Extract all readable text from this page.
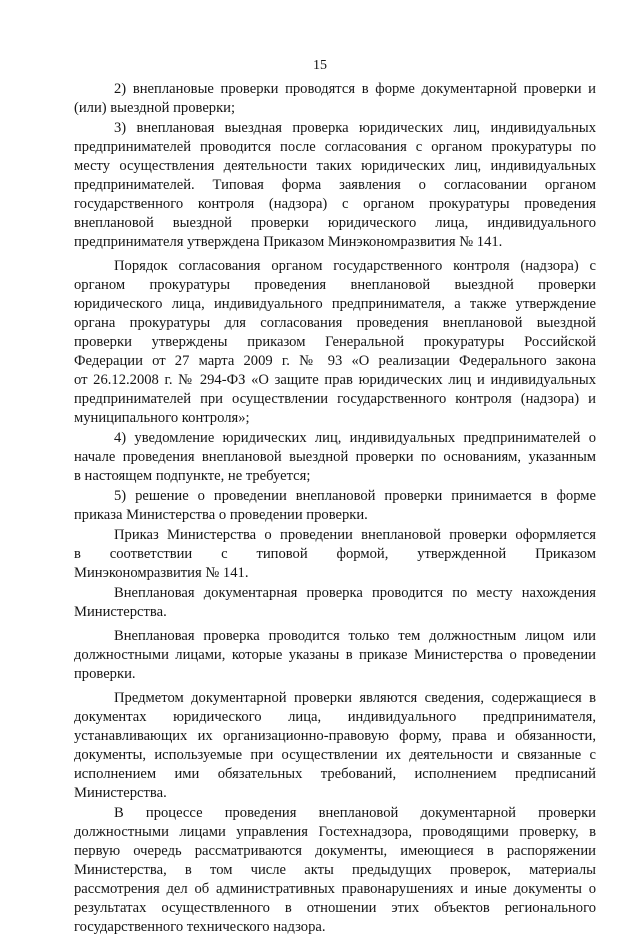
15
2) внеплановые проверки проводятся в форме документарной проверки и
(или) выездной проверки;
3) внеплановая выездная проверка юридических лиц, индивидуальных
предпринимателей проводится после согласования с органом прокуратуры по
месту осуществления деятельности таких юридических лиц, индивидуальных
предпринимателей. Типовая форма заявления о согласовании органом
государственного контроля (надзора) с органом прокуратуры проведения
внеплановой выездной проверки юридического лица, индивидуального
предпринимателя утверждена Приказом Минэкономразвития № 141.
Порядок согласования органом государственного контроля (надзора) с
органом прокуратуры проведения внеплановой выездной проверки
юридического лица, индивидуального предпринимателя, а также утверждение
органа прокуратуры для согласования проведения внеплановой выездной
проверки утверждены приказом Генеральной прокуратуры Российской
Федерации от 27 марта 2009 г. № 93 «О реализации Федерального закона
от 26.12.2008 г. № 294-ФЗ «О защите прав юридических лиц и индивидуальных
предпринимателей при осуществлении государственного контроля (надзора) и
муниципального контроля»;
4) уведомление юридических лиц, индивидуальных предпринимателей о
начале проведения внеплановой выездной проверки по основаниям, указанным
в настоящем подпункте, не требуется;
5) решение о проведении внеплановой проверки принимается в форме
приказа Министерства о проведении проверки.
Приказ Министерства о проведении внеплановой проверки оформляется
в соответствии с типовой формой, утвержденной Приказом
Минэкономразвития № 141.
Внеплановая документарная проверка проводится по месту нахождения
Министерства.
Внеплановая проверка проводится только тем должностным лицом или
должностными лицами, которые указаны в приказе Министерства о проведении
проверки.
Предметом документарной проверки являются сведения, содержащиеся в
документах юридического лица, индивидуального предпринимателя,
устанавливающих их организационно-правовую форму, права и обязанности,
документы, используемые при осуществлении их деятельности и связанные с
исполнением ими обязательных требований, исполнением предписаний
Министерства.
В процессе проведения внеплановой документарной проверки
должностными лицами управления Гостехнадзора, проводящими проверку, в
первую очередь рассматриваются документы, имеющиеся в распоряжении
Министерства, в том числе акты предыдущих проверок, материалы
рассмотрения дел об административных правонарушениях и иные документы о
результатах осуществленного в отношении этих объектов регионального
государственного технического надзора.
